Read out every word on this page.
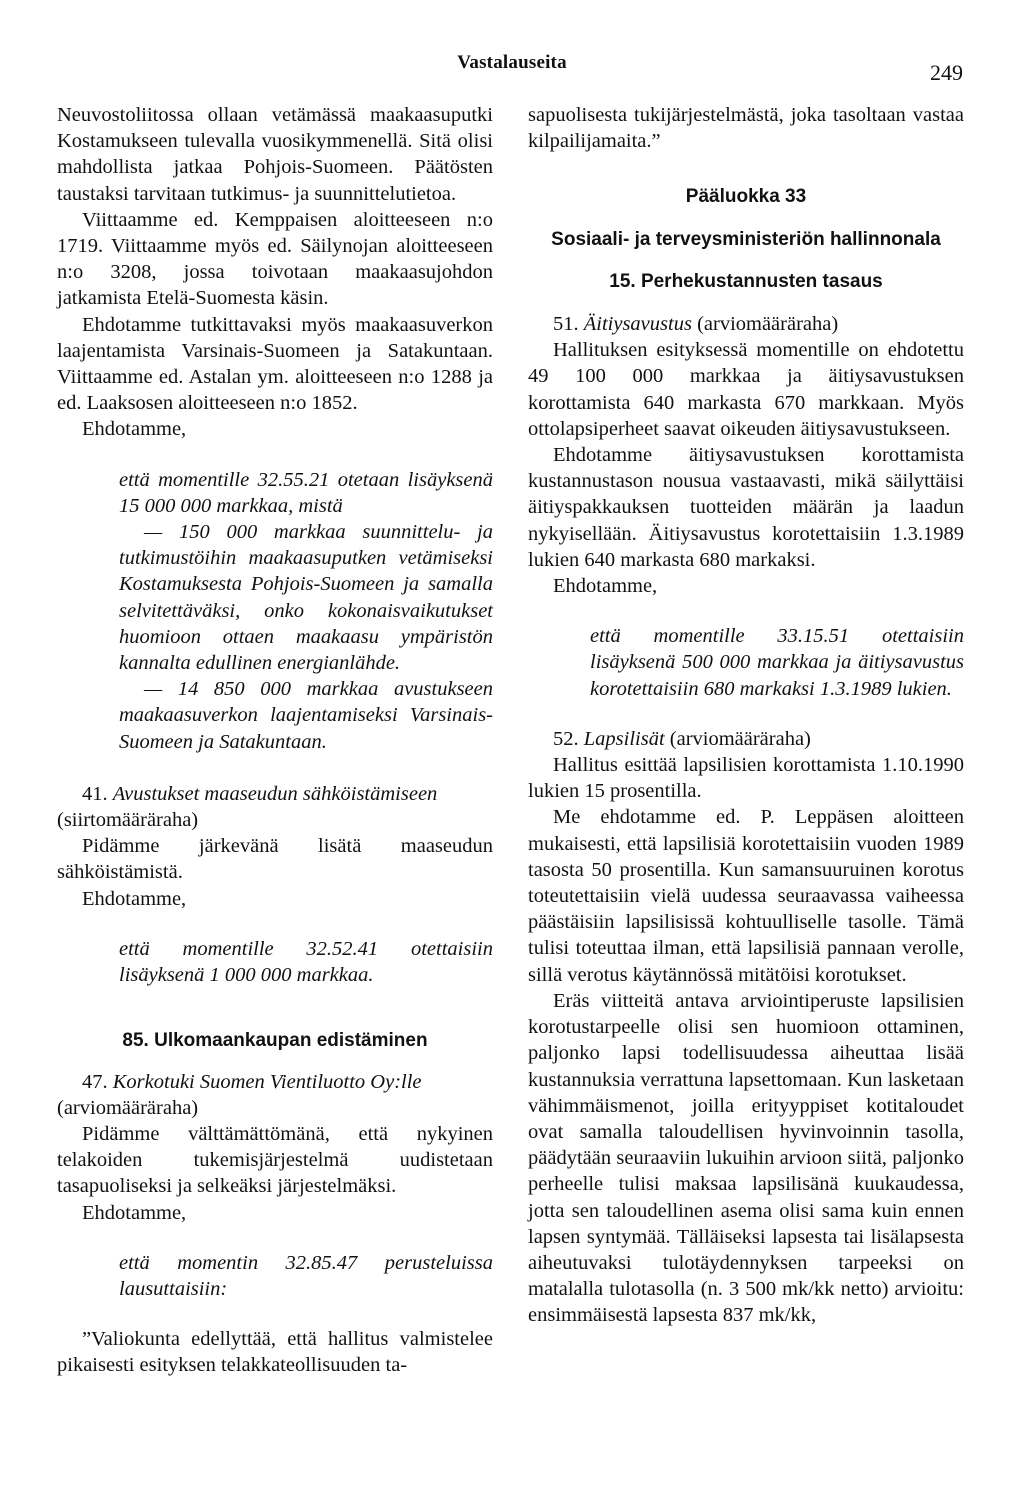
Vastalauseita	249

Neuvostoliitossa ollaan vetämässä maakaasuputki Kostamukseen tulevalla vuosikymmenellä. Sitä olisi mahdollista jatkaa Pohjois-Suomeen. Päätösten taustaksi tarvitaan tutkimus- ja suunnittelutietoa.

Viittaamme ed. Kemppaisen aloitteeseen n:o 1719. Viittaamme myös ed. Säilynojan aloitteeseen n:o 3208, jossa toivotaan maakaasujohdon jatkamista Etelä-Suomesta käsin.

Ehdotamme tutkittavaksi myös maakaasuverkon laajentamista Varsinais-Suomeen ja Satakuntaan. Viittaamme ed. Astalan ym. aloitteeseen n:o 1288 ja ed. Laaksosen aloitteeseen n:o 1852.

Ehdotamme,

että momentille 32.55.21 otetaan lisäyksenä 15 000 000 markkaa, mistä

— 150 000 markkaa suunnittelu- ja tutkimustöihin maakaasuputken vetämiseksi Kostamuksesta Pohjois-Suomeen ja samalla selvitettäväksi, onko kokonaisvaikutukset huomioon ottaen maakaasu ympäristön kannalta edullinen energianlähde.

— 14 850 000 markkaa avustukseen maakaasuverkon laajentamiseksi Varsinais-Suomeen ja Satakuntaan.

41. Avustukset maaseudun sähköistämiseen (siirtomääräraha)

Pidämme järkevänä lisätä maaseudun sähköistämistä.

Ehdotamme,

että momentille 32.52.41 otettaisiin lisäyksenä 1 000 000 markkaa.

85. Ulkomaankaupan edistäminen

47. Korkotuki Suomen Vientiluotto Oy:lle (arviomääräraha)

Pidämme välttämättömänä, että nykyinen telakoiden tukemisjärjestelmä uudistetaan tasapuoliseksi ja selkeäksi järjestelmäksi.

Ehdotamme,

että momentin 32.85.47 perusteluissa lausuttaisiin:

”Valiokunta edellyttää, että hallitus valmistelee pikaisesti esityksen telakkateollisuuden ta-

sapuolisesta tukijärjestelmästä, joka tasoltaan vastaa kilpailijamaita.”

Pääluokka 33

Sosiaali- ja terveysministeriön hallinnonala

15. Perhekustannusten tasaus

51. Äitiysavustus (arviomääräraha)

Hallituksen esityksessä momentille on ehdotettu 49 100 000 markkaa ja äitiysavustuksen korottamista 640 markasta 670 markkaan. Myös ottolapsiperheet saavat oikeuden äitiysavustukseen.

Ehdotamme äitiysavustuksen korottamista kustannustason nousua vastaavasti, mikä säilyttäisi äitiyspakkauksen tuotteiden määrän ja laadun nykyisellään. Äitiysavustus korotettaisiin 1.3.1989 lukien 640 markasta 680 markaksi.

Ehdotamme,

että momentille 33.15.51 otettaisiin lisäyksenä 500 000 markkaa ja äitiysavustus korotettaisiin 680 markaksi 1.3.1989 lukien.

52. Lapsilisät (arviomääräraha)

Hallitus esittää lapsilisien korottamista 1.10.1990 lukien 15 prosentilla.

Me ehdotamme ed. P. Leppäsen aloitteen mukaisesti, että lapsilisiä korotettaisiin vuoden 1989 tasosta 50 prosentilla. Kun samansuuruinen korotus toteutettaisiin vielä uudessa seuraavassa vaiheessa päästäisiin lapsilisissä kohtuulliselle tasolle. Tämä tulisi toteuttaa ilman, että lapsilisiä pannaan verolle, sillä verotus käytännössä mitätöisi korotukset.

Eräs viitteitä antava arviointiperuste lapsilisien korotustarpeelle olisi sen huomioon ottaminen, paljonko lapsi todellisuudessa aiheuttaa lisää kustannuksia verrattuna lapsettomaan. Kun lasketaan vähimmäismenot, joilla erityyppiset kotitaloudet ovat samalla taloudellisen hyvinvoinnin tasolla, päädytään seuraaviin lukuihin arvioon siitä, paljonko perheelle tulisi maksaa lapsilisänä kuukaudessa, jotta sen taloudellinen asema olisi sama kuin ennen lapsen syntymää. Tälläiseksi lapsesta tai lisälapsesta aiheutuvaksi tulotäydennyksen tarpeeksi on matalalla tulotasolla (n. 3 500 mk/kk netto) arvioitu: ensimmäisestä lapsesta 837 mk/kk,
